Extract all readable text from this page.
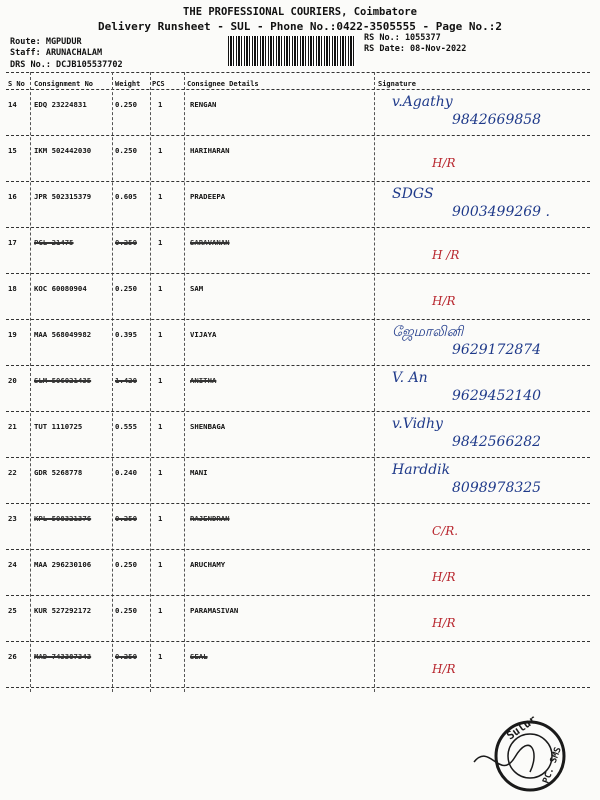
THE PROFESSIONAL COURIERS, Coimbatore
Delivery Runsheet - SUL - Phone No.:0422-3505555 - Page No.:2
Route: MGPUDUR
Staff: ARUNACHALAM
DRS No.: DCJB105537702
RS No.: 1055377
RS Date: 08-Nov-2022
S No Consignment No	Weight PCS	Consignee Details	Signature
14 EDQ 23224831	0.250	1	RENGAN	v.Agathy
9842669858
15 IKM 502442030	0.250	1	HARIHARAN
H/R
16 JPR 502315379	0.605	1	PRADEEPA	SDGS
9003499269 .
17 PGL 21475	0.250	1	SARAVANAN
H /R
18 KOC 60080904	0.250	1	SAM
H/R
19 MAA 568049982	0.395	1	VIJAYA	ஜேமாலினி
9629172874
20 SLM 506021435	1.420	1	ANITHA	V. An
9629452140
21 TUT 1110725	0.555	1	SHENBAGA	v.Vidhy
9842566282
22 GDR 5268778	0.240	1	MANI	Harddik
8098978325
23 KPL 508321376	0.250	1	RAJENDRAN
C/R.
24 MAA 296230106	0.250	1	ARUCHAMY
H/R
25 KUR 527292172	0.250	1	PARAMASIVAN
H/R
26 MAD 743387343	0.250	1	SEAL
H/R
Sulur
PC. SMS
